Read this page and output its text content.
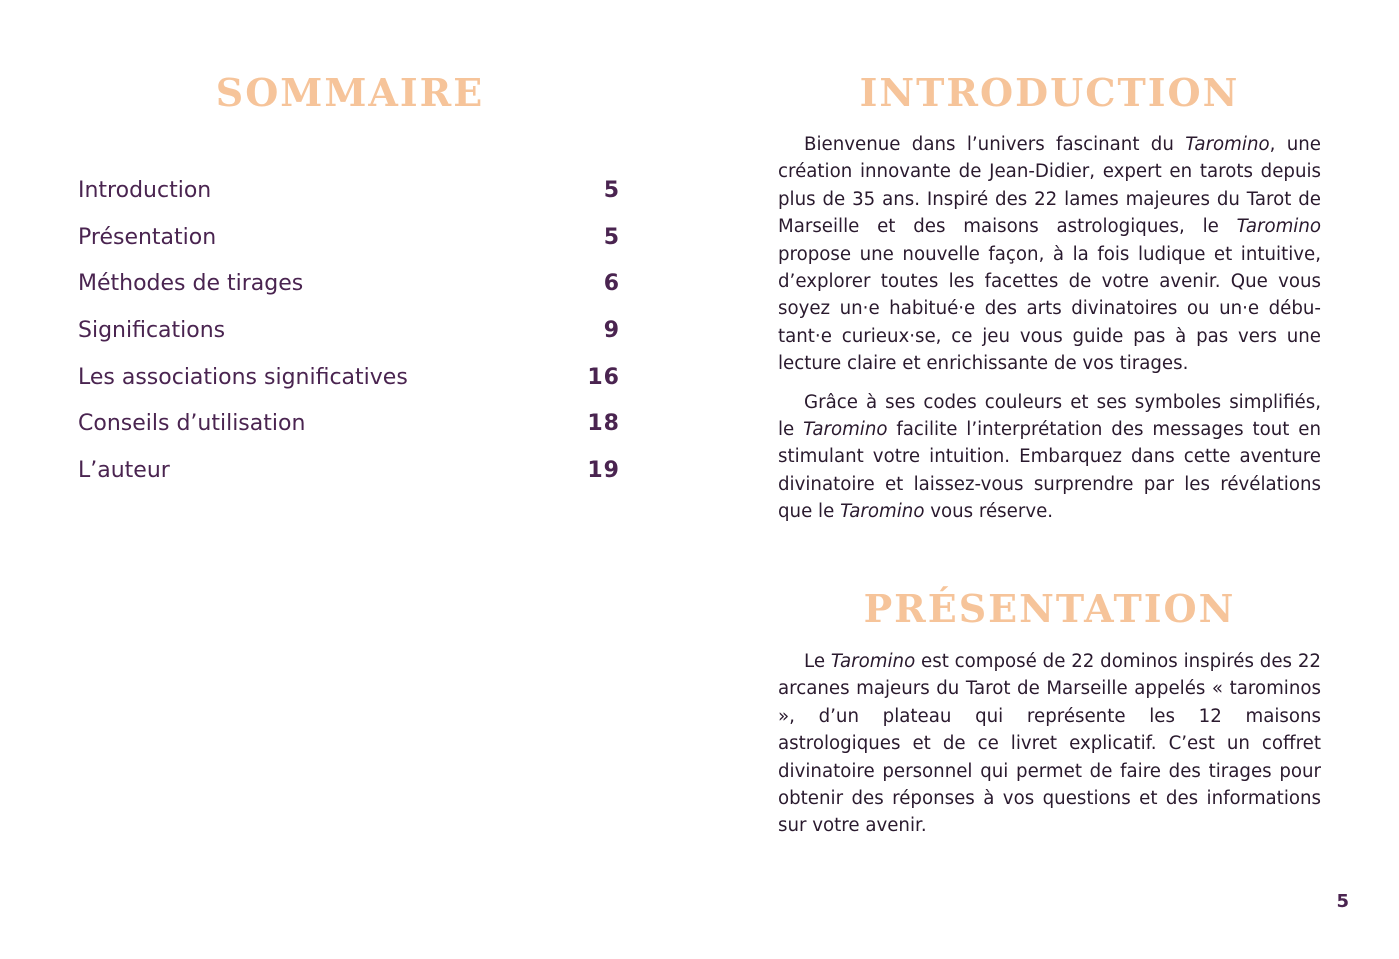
SOMMAIRE
Introduction	5
Présentation	5
Méthodes de tirages	6
Significations	9
Les associations significatives	16
Conseils d’utilisation	18
L’auteur	19
INTRODUCTION

Bienvenue dans l’univers fascinant du Taromino, une création innovante de Jean-Didier, expert en tarots depuis plus de 35 ans. Inspiré des 22 lames majeures du Tarot de Marseille et des maisons astrologiques, le Taromino propose une nouvelle façon, à la fois ludique et intuitive, d’explorer toutes les facettes de votre avenir. Que vous soyez un·e habitué·e des arts divinatoires ou un·e débu-tant·e curieux·se, ce jeu vous guide pas à pas vers une lecture claire et enrichissante de vos tirages.

Grâce à ses codes couleurs et ses symboles simplifiés, le Taromino facilite l’interprétation des messages tout en stimulant votre intuition. Embarquez dans cette aventure divinatoire et laissez-vous surprendre par les révélations que le Taromino vous réserve.

PRÉSENTATION

Le Taromino est composé de 22 dominos inspirés des 22 arcanes majeurs du Tarot de Marseille appelés « tarominos », d’un plateau qui représente les 12 maisons astrologiques et de ce livret explicatif. C’est un coffret divinatoire personnel qui permet de faire des tirages pour obtenir des réponses à vos questions et des informations sur votre avenir.

5
